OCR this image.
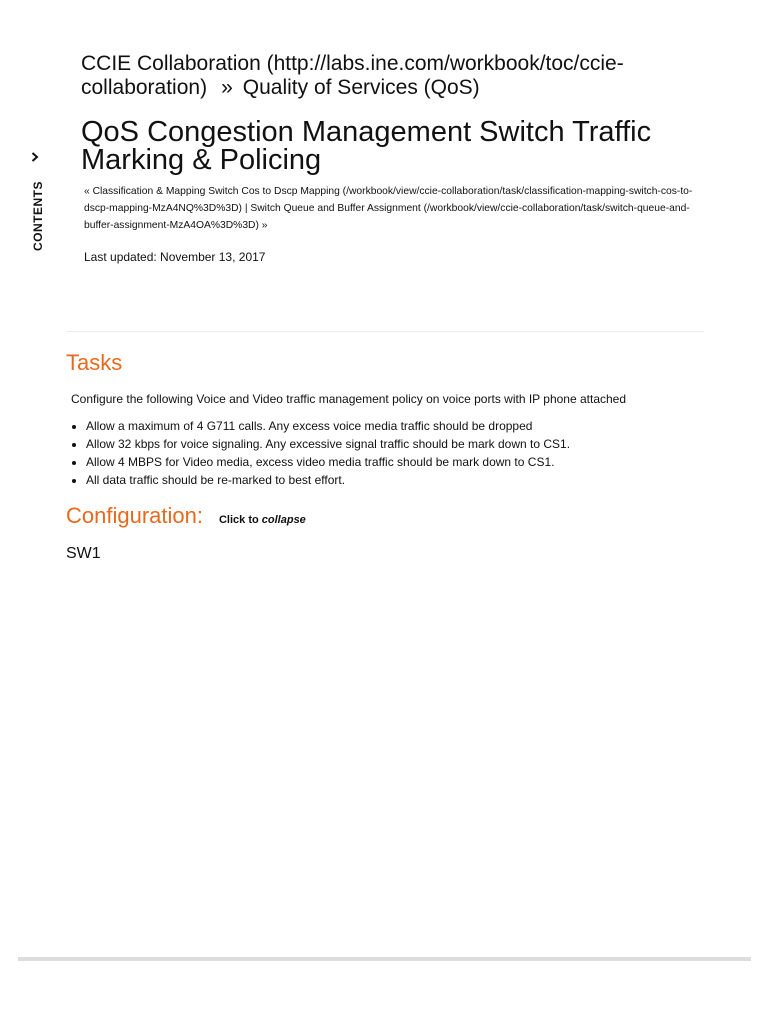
CONTENTS
CCIE Collaboration (http://labs.ine.com/workbook/toc/ccie-collaboration) » Quality of Services (QoS)
QoS Congestion Management Switch Traffic Marking & Policing
« Classification & Mapping Switch Cos to Dscp Mapping (/workbook/view/ccie-collaboration/task/classification-mapping-switch-cos-to-dscp-mapping-MzA4NQ%3D%3D) | Switch Queue and Buffer Assignment (/workbook/view/ccie-collaboration/task/switch-queue-and-buffer-assignment-MzA4OA%3D%3D) »
Last updated: November 13, 2017
Tasks
Configure the following Voice and Video traffic management policy on voice ports with IP phone attached
• Allow a maximum of 4 G711 calls. Any excess voice media traffic should be dropped
• Allow 32 kbps for voice signaling. Any excessive signal traffic should be mark down to CS1.
• Allow 4 MBPS for Video media, excess video media traffic should be mark down to CS1.
• All data traffic should be re-marked to best effort.
Configuration: Click to collapse
SW1
